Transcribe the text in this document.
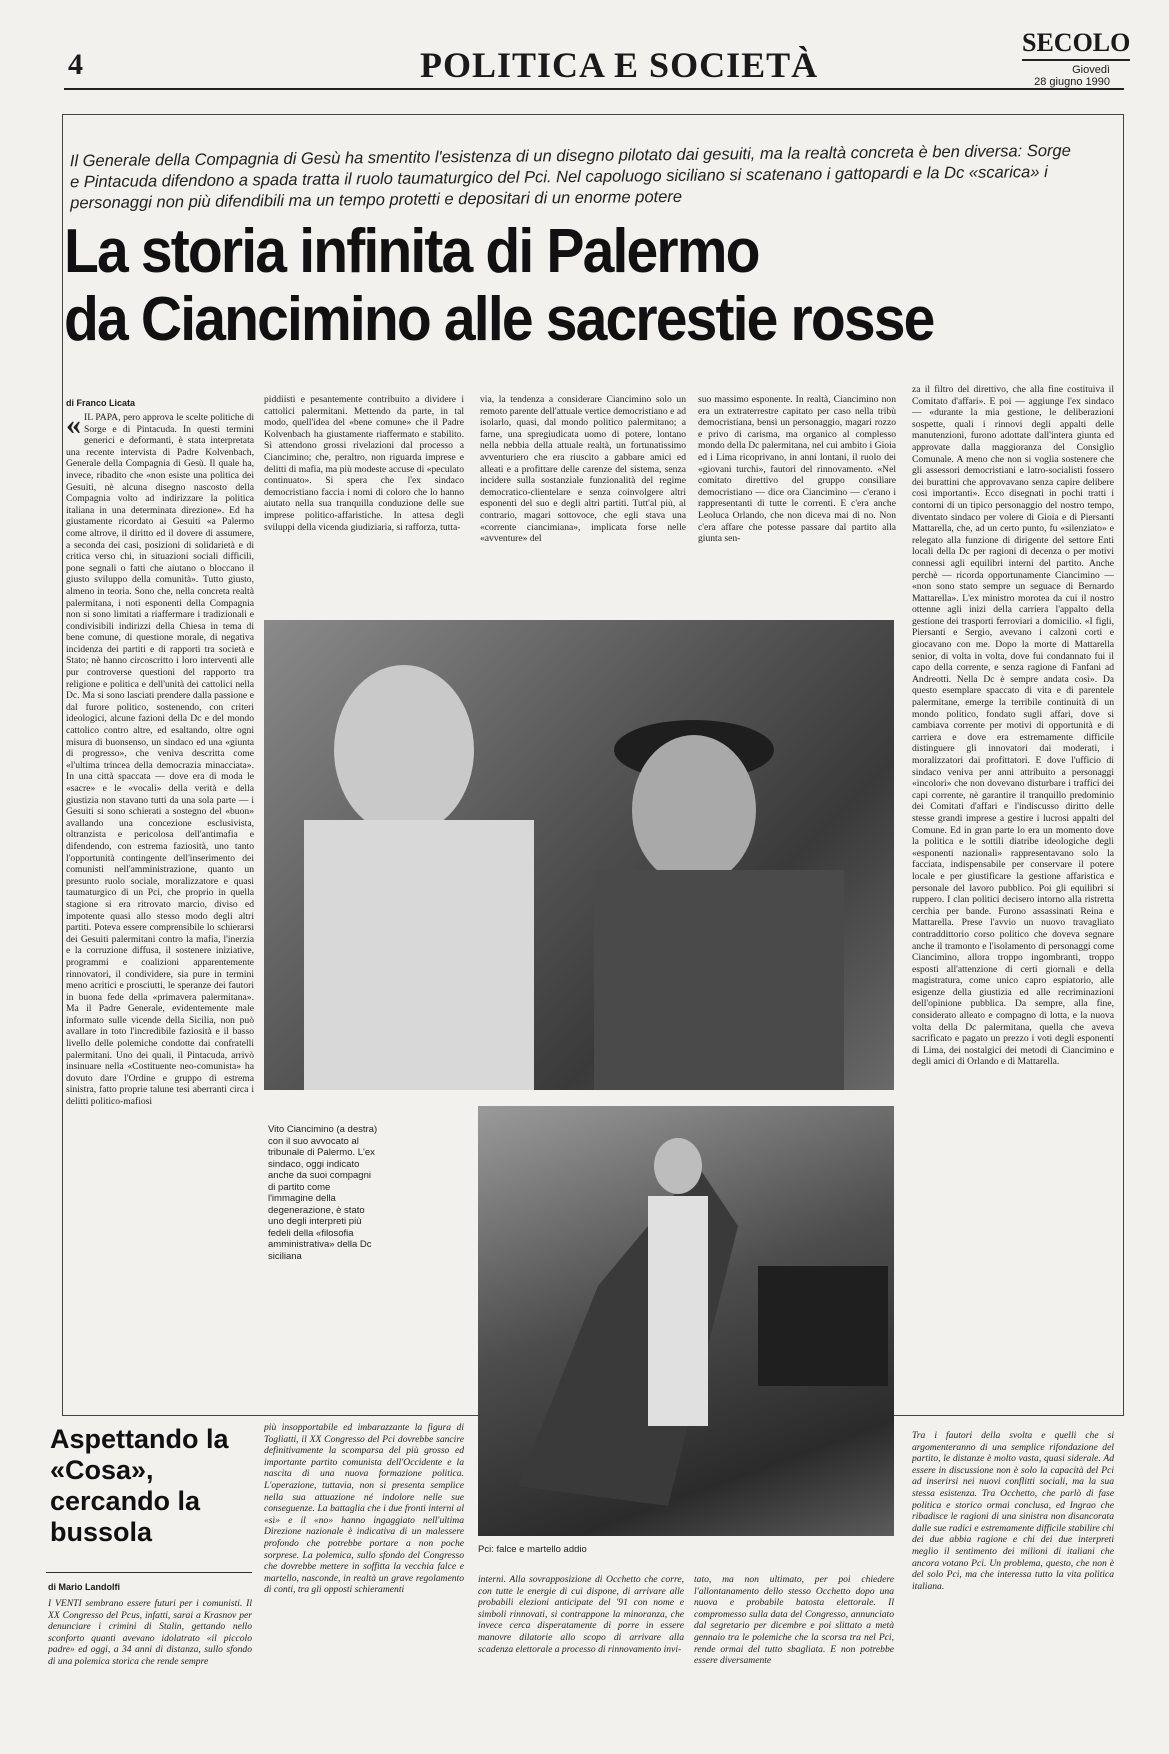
4	POLITICA E SOCIETÀ
SECOLO
Giovedì
28 giugno 1990
Il Generale della Compagnia di Gesù ha smentito l'esistenza di un disegno pilotato dai gesuiti, ma la realtà concreta è ben diversa: Sorge e Pintacuda difendono a spada tratta il ruolo taumaturgico del Pci. Nel capoluogo siciliano si scatenano i gattopardi e la Dc «scarica» i personaggi non più difendibili ma un tempo protetti e depositari di un enorme potere
La storia infinita di Palermo
da Ciancimino alle sacrestie rosse
di Franco Licata
« IL PAPA, pero approva le scelte politiche di Sorge e di Pintacuda. In questi termini generici e deformanti, è stata interpretata una recente intervista di Padre Kolvenbach, Generale della Compagnia di Gesù. Il quale ha, invece, ribadito che «non esiste una politica dei Gesuiti, nè alcuna disegno nascosto della Compagnia volto ad indirizzare la politica italiana in una determinata direzione». Ed ha giustamente ricordato ai Gesuiti «a Palermo come altrove, il diritto ed il dovere di assumere, a seconda dei casi, posizioni di solidarietà e di critica verso chi, in situazioni sociali difficili, pone segnali o fatti che aiutano o bloccano il giusto sviluppo della comunità». Tutto giusto, almeno in teoria. Sono che, nella concreta realtà palermitana, i noti esponenti della Compagnia non si sono limitati a riaffermare i tradizionali e condivisibili indirizzi della Chiesa in tema di bene comune, di questione morale, di negativa incidenza dei partiti e di rapporti tra società e Stato; nè hanno circoscritto i loro interventi alle pur controverse questioni del rapporto tra religione e politica e dell'unità dei cattolici nella Dc. Ma si sono lasciati prendere dalla passione e dal furore politico, sostenendo, con criteri ideologici, alcune fazioni della Dc e del mondo cattolico contro altre, ed esaltando, oltre ogni misura di buonsenso, un sindaco ed una «giunta di progresso», che veniva descritta come «l'ultima trincea della democrazia minacciata». In una città spaccata — dove era di moda le «sacre» e le «vocali» della verità e della giustizia non stavano tutti da una sola parte — i Gesuiti si sono schierati a sostegno del «buon» avallando una concezione esclusivista, oltranzista e pericolosa dell'antimafia e difendendo, con estrema faziosità, uno tanto l'opportunità contingente dell'inserimento dei comunisti nell'amministrazione, quanto un presunto ruolo sociale, moralizzatore e quasi taumaturgico di un Pci, che proprio in quella stagione si era ritrovato marcio, diviso ed impotente quasi allo stesso modo degli altri partiti. Poteva essere comprensibile lo schierarsi dei Gesuiti palermitani contro la mafia, l'inerzia e la corruzione diffusa, il sostenere iniziative, programmi e coalizioni apparentemente rinnovatori, il condividere, sia pure in termini meno acritici e prosciutti, le speranze dei fautori in buona fede della «primavera palermitana». Ma il Padre Generale, evidentemente male informato sulle vicende della Sicilia, non può avallare in toto l'incredibile faziosità e il basso livello delle polemiche condotte dai confratelli palermitani. Uno dei quali, il Pintacuda, arrivò insinuare nella «Costituente neo-comunista» ha dovuto dare l'Ordine e gruppo di estrema sinistra, fatto proprie talune tesi aberranti circa i delitti politico-mafiosi
piddiisti e pesantemente contribuito a dividere i cattolici palermitani. Mettendo da parte, in tal modo, quell'idea del «bene comune» che il Padre Kolvenbach ha giustamente riaffermato e stabilito. Si attendono grossi rivelazioni dal processo a Ciancimino; che, peraltro, non riguarda imprese e delitti di mafia, ma più modeste accuse di «peculato continuato». Si spera che l'ex sindaco democristiano faccia i nomi di coloro che lo hanno aiutato nella sua tranquilla conduzione delle sue imprese politico-affaristiche. In attesa degli sviluppi della vicenda giudiziaria, si rafforza, tutta-
via, la tendenza a considerare Ciancimino solo un remoto parente dell'attuale vertice democristiano e ad isolarlo, quasi, dal mondo politico palermitano; a farne, una spregiudicata uomo di potere, lontano nella nebbia della attuale realtà, un fortunatissimo avventuriero che era riuscito a gabbare amici ed alleati e a profittare delle carenze del sistema, senza incidere sulla sostanziale funzionalità del regime democratico-clientelare e senza coinvolgere altri esponenti del suo e degli altri partiti. Tutt'al più, al contrario, magari sottovoce, che egli stava una «corrente ciancimiana», implicata forse nelle «avventure» del
suo massimo esponente. In realtà, Ciancimino non era un extraterrestre capitato per caso nella tribù democristiana, bensì un personaggio, magari rozzo e privo di carisma, ma organico al complesso mondo della Dc palermitana, nel cui ambito i Gioia ed i Lima ricoprivano, in anni lontani, il ruolo dei «giovani turchi», fautori del rinnovamento. «Nel comitato direttivo del gruppo consiliare democristiano — dice ora Ciancimino — c'erano i rappresentanti di tutte le correnti. E c'era anche Leoluca Orlando, che non diceva mai di no. Non c'era affare che potesse passare dal partito alla giunta sen-
za il filtro del direttivo, che alla fine costituiva il Comitato d'affari». E poi — aggiunge l'ex sindaco — «durante la mia gestione, le deliberazioni sospette, quali i rinnovi degli appalti delle manutenzioni, furono adottate dall'intera giunta ed approvate dalla maggioranza del Consiglio Comunale. A meno che non si voglia sostenere che gli assessori democristiani e latro-socialisti fossero dei burattini che approvavano senza capire delibere così importanti». Ecco disegnati in pochi tratti i contorni di un tipico personaggio del nostro tempo, diventato sindaco per volere di Gioia e di Piersanti Mattarella, che, ad un certo punto, fu «silenziato» e relegato alla funzione di dirigente del settore Enti locali della Dc per ragioni di decenza o per motivi connessi agli equilibri interni del partito. Anche perchè — ricorda opportunamente Ciancimino — «non sono stato sempre un seguace di Bernardo Mattarella». L'ex ministro morotea da cui il nostro ottenne agli inizi della carriera l'appalto della gestione dei trasporti ferroviari a domicilio. «I figli, Piersanti e Sergio, avevano i calzoni corti e giocavano con me. Dopo la morte di Mattarella senior, di volta in volta, dove fui condannato fui il capo della corrente, e senza ragione di Fanfani ad Andreotti. Nella Dc è sempre andata così». Da questo esemplare spaccato di vita e di parentele palermitane, emerge la terribile continuità di un mondo politico, fondato sugli affari, dove si cambiava corrente per motivi di opportunità e di carriera e dove era estremamente difficile distinguere gli innovatori dai moderati, i moralizzatori dai profittatori. E dove l'ufficio di sindaco veniva per anni attribuito a personaggi «incolori» che non dovevano disturbare i traffici dei capi corrente, nè garantire il tranquillo predominio dei Comitati d'affari e l'indiscusso diritto delle stesse grandi imprese a gestire i lucrosi appalti del Comune. Ed in gran parte lo era un momento dove la politica e le sottili diatribe ideologiche degli «esponenti nazionali» rappresentavano solo la facciata, indispensabile per conservare il potere locale e per giustificare la gestione affaristica e personale del lavoro pubblico. Poi gli equilibri si ruppero. I clan politici decisero intorno alla ristretta cerchia per bande. Furono assassinati Reina e Mattarella. Prese l'avvio un nuovo travagliato contraddittorio corso politico che doveva segnare anche il tramonto e l'isolamento di personaggi come Ciancimino, allora troppo ingombranti, troppo esposti all'attenzione di certi giornali e della magistratura, come unico capro espiatorio, alle esigenze della giustizia ed alle recriminazioni dell'opinione pubblica. Da sempre, alla fine, considerato alleato e compagno di lotta, e la nuova volta della Dc palermitana, quella che aveva sacrificato e pagato un prezzo i voti degli esponenti di Lima, dei nostalgici dei metodi di Ciancimino e degli amici di Orlando e di Mattarella.
Vito Ciancimino (a destra) con il suo avvocato al tribunale di Palermo. L'ex sindaco, oggi indicato anche da suoi compagni di partito come l'immagine della degenerazione, è stato uno degli interpreti più fedeli della «filosofia amministrativa» della Dc siciliana
Pci: falce e martello addio
Aspettando la «Cosa», cercando la bussola
di Mario Landolfi
I VENTI sembrano essere futuri per i comunisti. Il XX Congresso del Pcus, infatti, sarai a Krasnov per denunciare i crimini di Stalin, gettando nello sconforto quanti avevano idolatrato «il piccolo padre» ed oggi, a 34 anni di distanza, sullo sfondo di una polemica storica che rende sempre
più insopportabile ed imbarazzante la figura di Togliatti, il XX Congresso del Pci dovrebbe sancire definitivamente la scomparsa del più grosso ed importante partito comunista dell'Occidente e la nascita di una nuova formazione politica. L'operazione, tuttavia, non si presenta semplice nella sua attuazione né indolore nelle sue conseguenze. La battaglia che i due fronti interni al «sì» e il «no» hanno ingaggiato nell'ultima Direzione nazionale è indicativa di un malessere profondo che potrebbe portare a non poche sorprese. La polemica, sullo sfondo del Congresso che dovrebbe mettere in soffitta la vecchia falce e martello, nasconde, in realtà un grave regolamento di conti, tra gli opposti schieramenti
interni. Alla sovrapposizione di Occhetto che corre, con tutte le energie di cui dispone, di arrivare alle probabili elezioni anticipate del '91 con nome e simboli rinnovati, si contrappone la minoranza, che invece cerca disperatamente di porre in essere manovre dilatorie allo scopo di arrivare alla scadenza elettorale a processo di rinnovamento invi-
tato, ma non ultimato, per poi chiedere l'allontanamento dello stesso Occhetto dopo una nuova e probabile batosta elettorale. Il compromesso sulla data del Congresso, annunciato dal segretario per dicembre e poi slittato a metà gennaio tra le polemiche che la scorsa tra nel Pci, rende ormai del tutto sbagliata. E non potrebbe essere diversamente
Tra i fautori della svolta e quelli che si argomenteranno di una semplice rifondazione del partito, le distanze è molto vasta, quasi siderale. Ad essere in discussione non è solo la capacità del Pci ad inserirsi nei nuovi conflitti sociali, ma la sua stessa esistenza. Tra Occhetto, che parlò di fase politica e storico ormai conclusa, ed Ingrao che ribadisce le ragioni di una sinistra non disancorata dalle sue radici e estremamente difficile stabilire chi dei due abbia ragione e chi dei due interpreti meglio il sentimento dei milioni di italiani che ancora votano Pci. Un problema, questo, che non è del solo Pci, ma che interessa tutto la vita politica italiana.
